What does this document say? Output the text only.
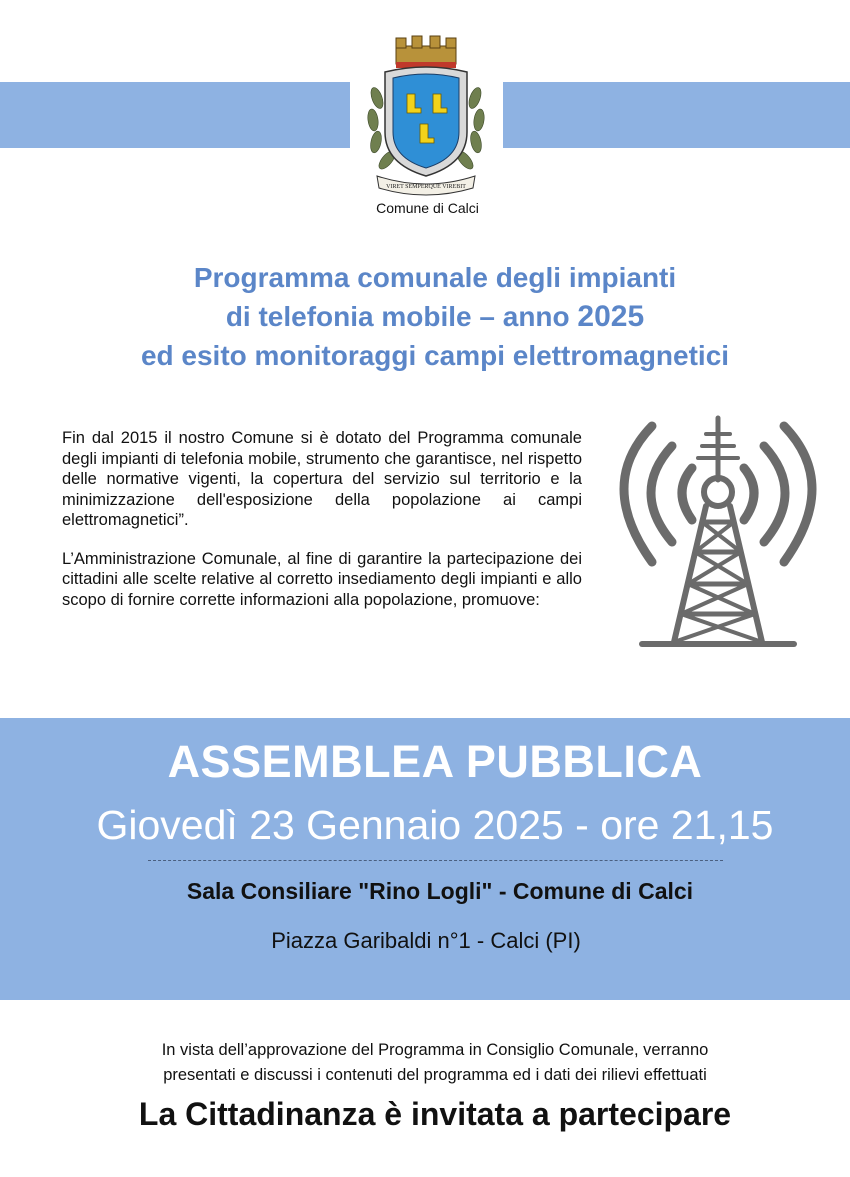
VIRET SEMPERQUE VIREBIT
Comune di Calci
Programma comunale degli impianti
di telefonia mobile – anno 2025
ed esito monitoraggi campi elettromagnetici

Fin dal 2015 il nostro Comune si è dotato del Programma comunale degli impianti di telefonia mobile, strumento che garantisce, nel rispetto delle normative vigenti, la copertura del servizio sul territorio e la minimizzazione dell'esposizione della popolazione ai campi elettromagnetici”.

L’Amministrazione Comunale, al fine di garantire la partecipazione dei cittadini alle scelte relative al corretto insediamento degli impianti e allo scopo di fornire corrette informazioni alla popolazione, promuove:

ASSEMBLEA PUBBLICA
Giovedì 23 Gennaio 2025 - ore 21,15
Sala Consiliare "Rino Logli" - Comune di Calci
Piazza Garibaldi n°1 - Calci (PI)
In vista dell’approvazione del Programma in Consiglio Comunale, verranno
presentati e discussi i contenuti del programma ed i dati dei rilievi effettuati
La Cittadinanza è invitata a partecipare
